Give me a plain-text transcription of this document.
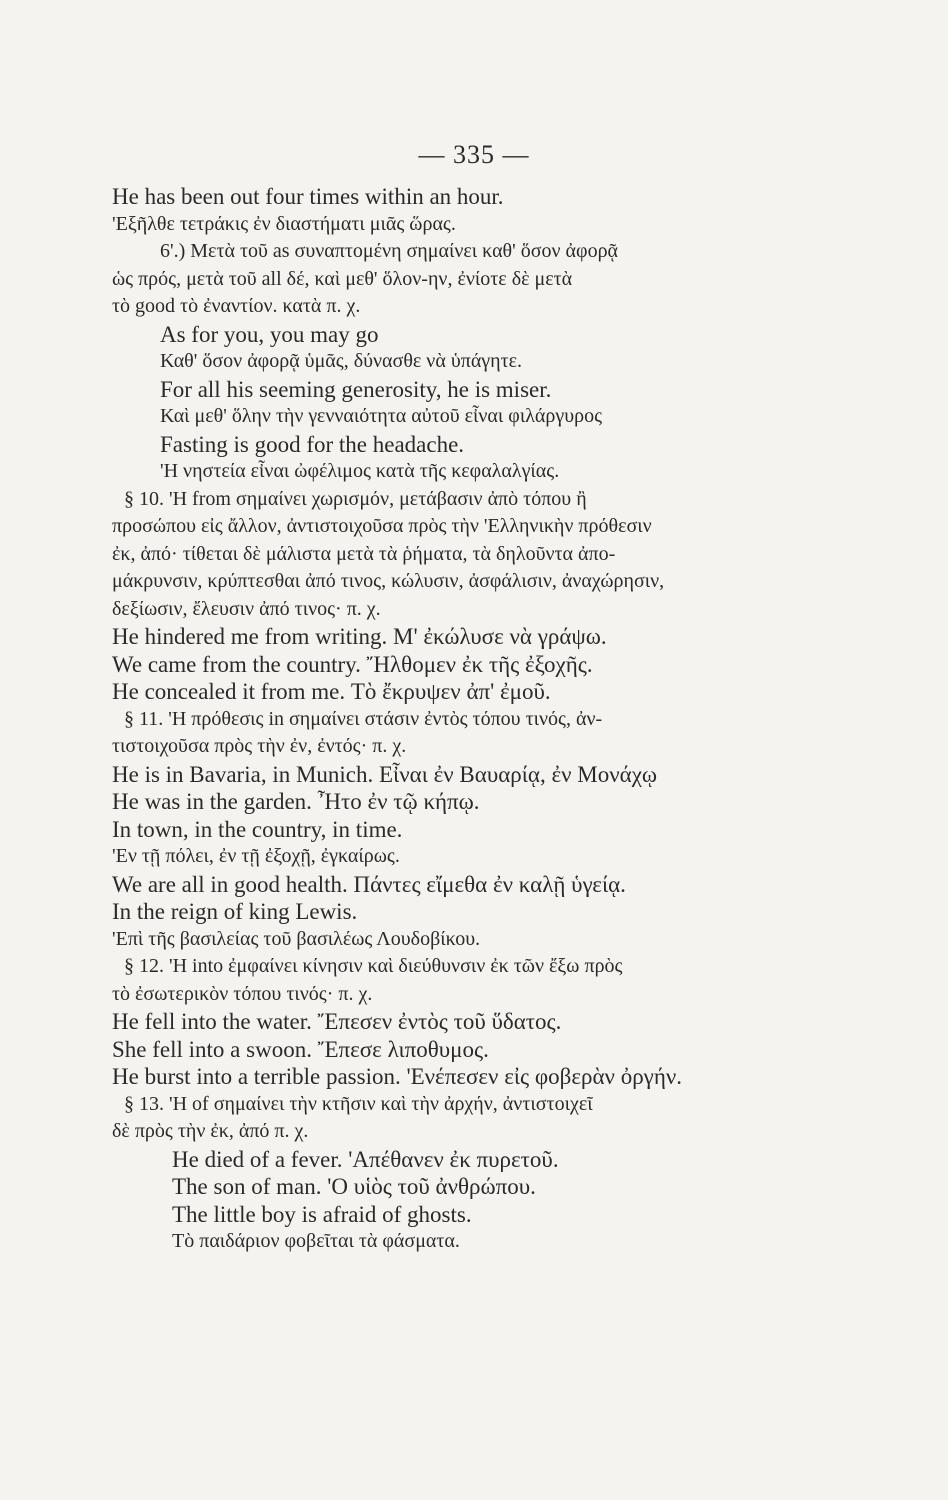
— 335 —
He has been out four times within an hour.
'Εξῆλθε τετράκις ἐν διαστήματι μιᾶς ὥρας.
6'.) Μετὰ τοῦ as συναπτομένη σημαίνει καθ' ὅσον ἀφορᾷ
ὡς πρός, μετὰ τοῦ all δέ, καὶ μεθ' ὅλον-ην, ἐνίοτε δὲ μετὰ
τὸ good τὸ ἐναντίον. κατὰ π. χ.
As for you, you may go
Καθ' ὅσον ἀφορᾷ ὑμᾶς, δύνασθε νὰ ὑπάγητε.
For all his seeming generosity, he is miser.
Καὶ μεθ' ὅλην τὴν γενναιότητα αὐτοῦ εἶναι φιλάργυρος
Fasting is good for the headache.
'Η νηστεία εἶναι ὠφέλιμος κατὰ τῆς κεφαλαλγίας.
§ 10. 'Η from σημαίνει χωρισμόν, μετάβασιν ἀπὸ τόπου ἢ
προσώπου εἰς ἄλλον, ἀντιστοιχοῦσα πρὸς τὴν 'Ελληνικὴν πρόθεσιν
ἐκ, ἀπό· τίθεται δὲ μάλιστα μετὰ τὰ ῥήματα, τὰ δηλοῦντα ἀπο-
μάκρυνσιν, κρύπτεσθαι ἀπό τινος, κώλυσιν, ἀσφάλισιν, ἀναχώρησιν,
δεξίωσιν, ἔλευσιν ἀπό τινος· π. χ.
He hindered me from writing. Μ' ἐκώλυσε νὰ γράψω.
We came from the country. Ἤλθομεν ἐκ τῆς ἐξοχῆς.
He concealed it from me. Τὸ ἔκρυψεν ἀπ' ἐμοῦ.
§ 11. 'Η πρόθεσις in σημαίνει στάσιν ἐντὸς τόπου τινός, ἀν-
τιστοιχοῦσα πρὸς τὴν ἐν, ἐντός· π. χ.
He is in Bavaria, in Munich. Εἶναι ἐν Βαυαρίᾳ, ἐν Μονάχῳ
He was in the garden. Ἦτο ἐν τῷ κήπῳ.
In town, in the country, in time.
'Εν τῇ πόλει, ἐν τῇ ἐξοχῇ, ἐγκαίρως.
We are all in good health. Πάντες εἴμεθα ἐν καλῇ ὑγείᾳ.
In the reign of king Lewis.
'Επὶ τῆς βασιλείας τοῦ βασιλέως Λουδοβίκου.
§ 12. 'Η into ἐμφαίνει κίνησιν καὶ διεύθυνσιν ἐκ τῶν ἔξω πρὸς
τὸ ἐσωτερικὸν τόπου τινός· π. χ.
He fell into the water. Ἔπεσεν ἐντὸς τοῦ ὕδατος.
She fell into a swoon. Ἔπεσε λιποθυμος.
He burst into a terrible passion. 'Ενέπεσεν εἰς φοβερὰν ὀργήν.
§ 13. 'Η of σημαίνει τὴν κτῆσιν καὶ τὴν ἀρχήν, ἀντιστοιχεῖ
δὲ πρὸς τὴν ἐκ, ἀπό π. χ.
He died of a fever. 'Απέθανεν ἐκ πυρετοῦ.
The son of man. 'Ο υἱὸς τοῦ ἀνθρώπου.
The little boy is afraid of ghosts.
Τὸ παιδάριον φοβεῖται τὰ φάσματα.
